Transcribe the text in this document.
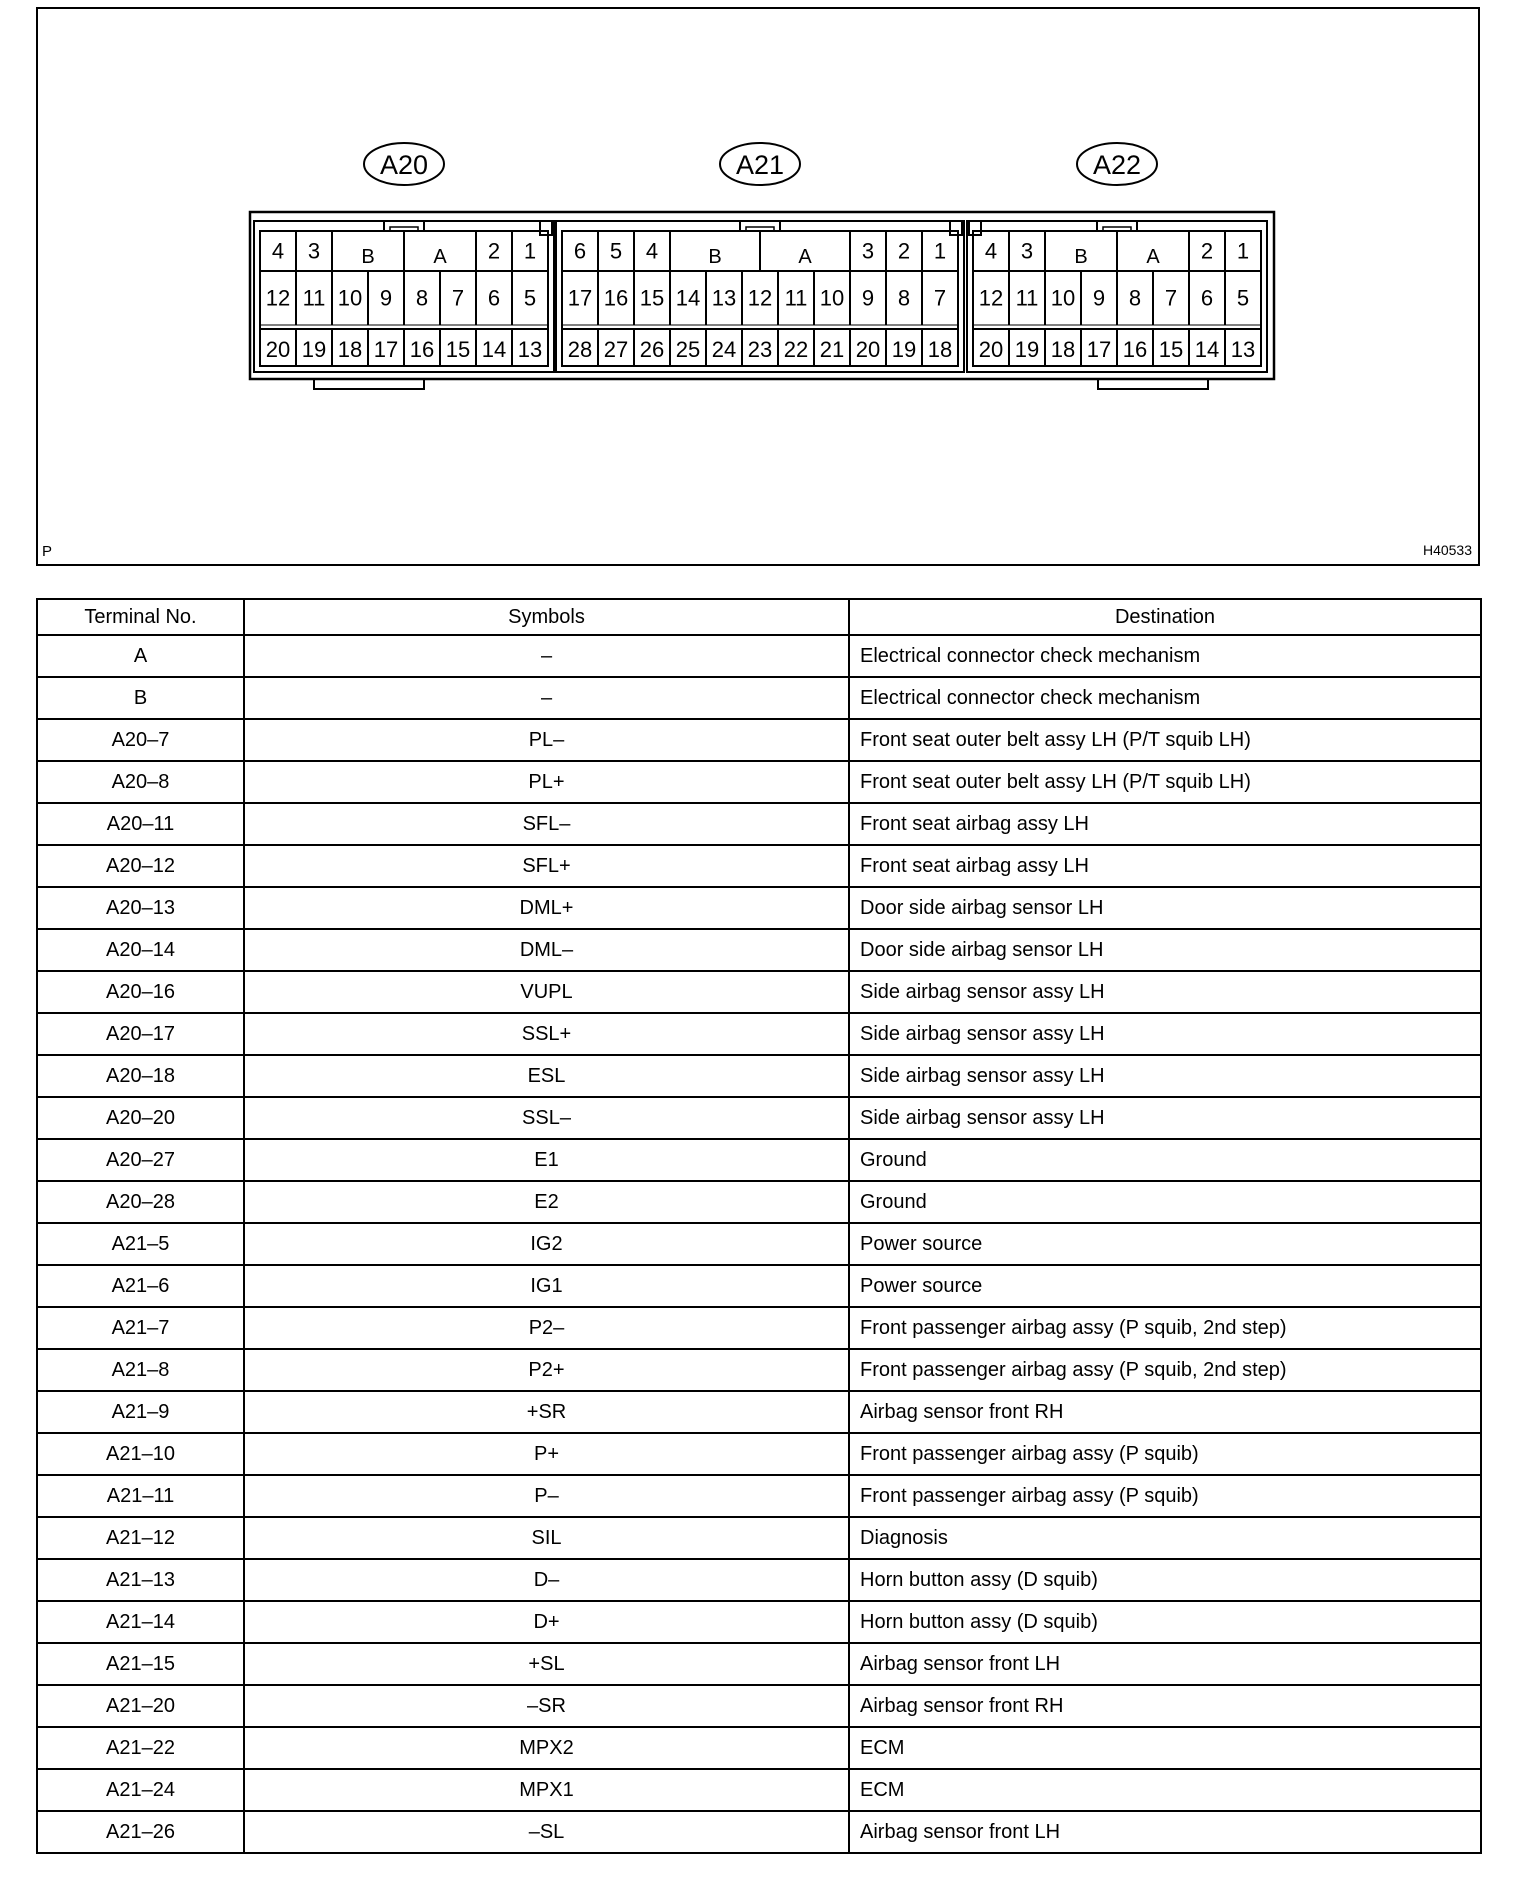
4 3	2 1
B	A
12 11 10 9 8 7 6 5
20 19 18 17 16 15 14 13
A20
6 5 4	3 2 1
B	A
17 16 15 14 13 12 11 10 9 8 7
28 27 26 25 24 23 22 21 20 19 18
A21
4 3	2 1
B	A
12 11 10 9 8 7 6 5
20 19 18 17 16 15 14 13
A22
P	H40533
Terminal No.	Symbols	Destination
A	–	Electrical connector check mechanism
B	–	Electrical connector check mechanism
A20–7	PL–	Front seat outer belt assy LH (P/T squib LH)
A20–8	PL+	Front seat outer belt assy LH (P/T squib LH)
A20–11	SFL–	Front seat airbag assy LH
A20–12	SFL+	Front seat airbag assy LH
A20–13	DML+	Door side airbag sensor LH
A20–14	DML–	Door side airbag sensor LH
A20–16	VUPL	Side airbag sensor assy LH
A20–17	SSL+	Side airbag sensor assy LH
A20–18	ESL	Side airbag sensor assy LH
A20–20	SSL–	Side airbag sensor assy LH
A20–27	E1	Ground
A20–28	E2	Ground
A21–5	IG2	Power source
A21–6	IG1	Power source
A21–7	P2–	Front passenger airbag assy (P squib, 2nd step)
A21–8	P2+	Front passenger airbag assy (P squib, 2nd step)
A21–9	+SR	Airbag sensor front RH
A21–10	P+	Front passenger airbag assy (P squib)
A21–11	P–	Front passenger airbag assy (P squib)
A21–12	SIL	Diagnosis
A21–13	D–	Horn button assy (D squib)
A21–14	D+	Horn button assy (D squib)
A21–15	+SL	Airbag sensor front LH
A21–20	–SR	Airbag sensor front RH
A21–22	MPX2	ECM
A21–24	MPX1	ECM
A21–26	–SL	Airbag sensor front LH
